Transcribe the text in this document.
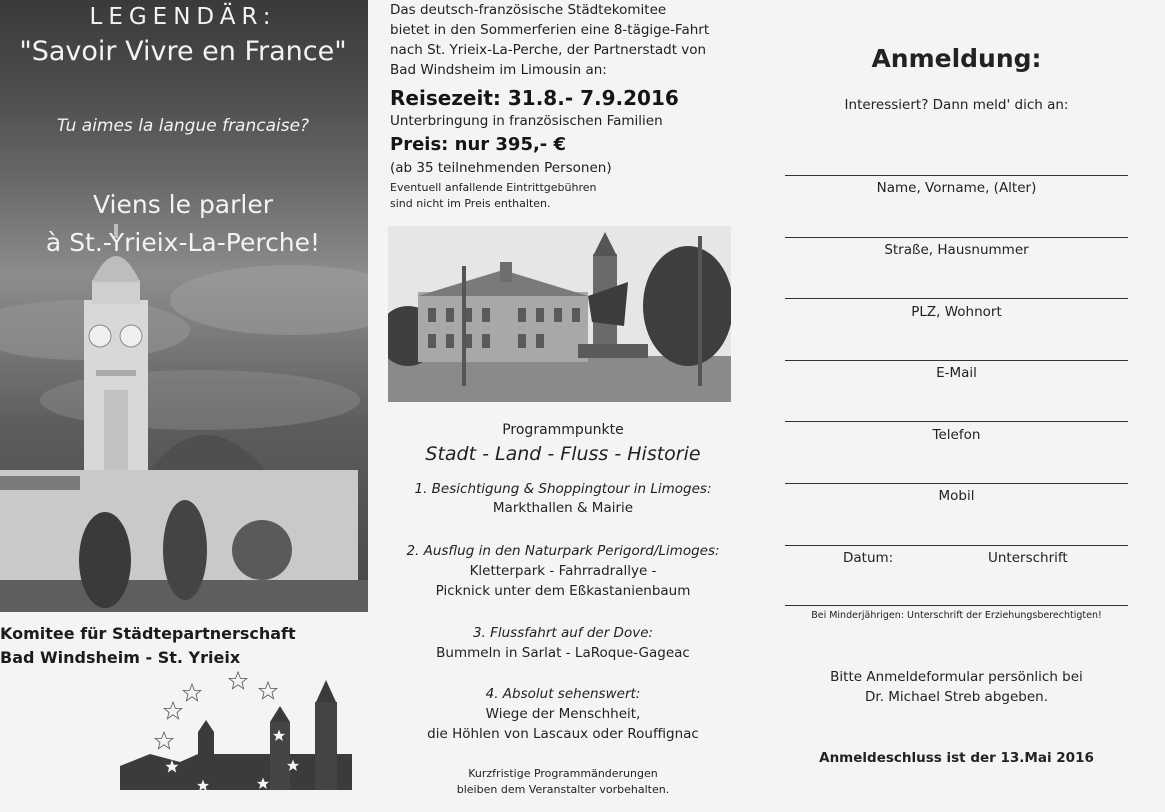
LEGENDÄR:
"Savoir Vivre en France"
Tu aimes la langue francaise?
Viens le parler
à St.-Yrieix-La-Perche!
Komitee für Städtepartnerschaft
Bad Windsheim - St. Yrieix
Das deutsch-französische Städtekomitee
bietet in den Sommerferien eine 8-tägige-Fahrt
nach St. Yrieix-La-Perche, der Partnerstadt von
Bad Windsheim im Limousin an:
Reisezeit: 31.8.- 7.9.2016
Unterbringung in französischen Familien
Preis: nur 395,- €
(ab 35 teilnehmenden Personen)
Eventuell anfallende Eintrittgebühren
sind nicht im Preis enthalten.
Programmpunkte
Stadt - Land - Fluss - Historie
1. Besichtigung & Shoppingtour in Limoges:
Markthallen & Mairie
2. Ausflug in den Naturpark Perigord/Limoges:
Kletterpark - Fahrradrallye -
Picknick unter dem Eßkastanienbaum
3. Flussfahrt auf der Dove:
Bummeln in Sarlat - LaRoque-Gageac
4. Absolut sehenswert:
Wiege der Menschheit,
die Höhlen von Lascaux oder Rouffignac
Kurzfristige Programmänderungen
bleiben dem Veranstalter vorbehalten.
Anmeldung:
Interessiert? Dann meld' dich an:
Name, Vorname, (Alter)
Straße, Hausnummer
PLZ, Wohnort
E-Mail
Telefon
Mobil
Datum:	Unterschrift
Bei Minderjährigen: Unterschrift der Erziehungsberechtigten!
Bitte Anmeldeformular persönlich bei
Dr. Michael Streb abgeben.
Anmeldeschluss ist der 13.Mai 2016
